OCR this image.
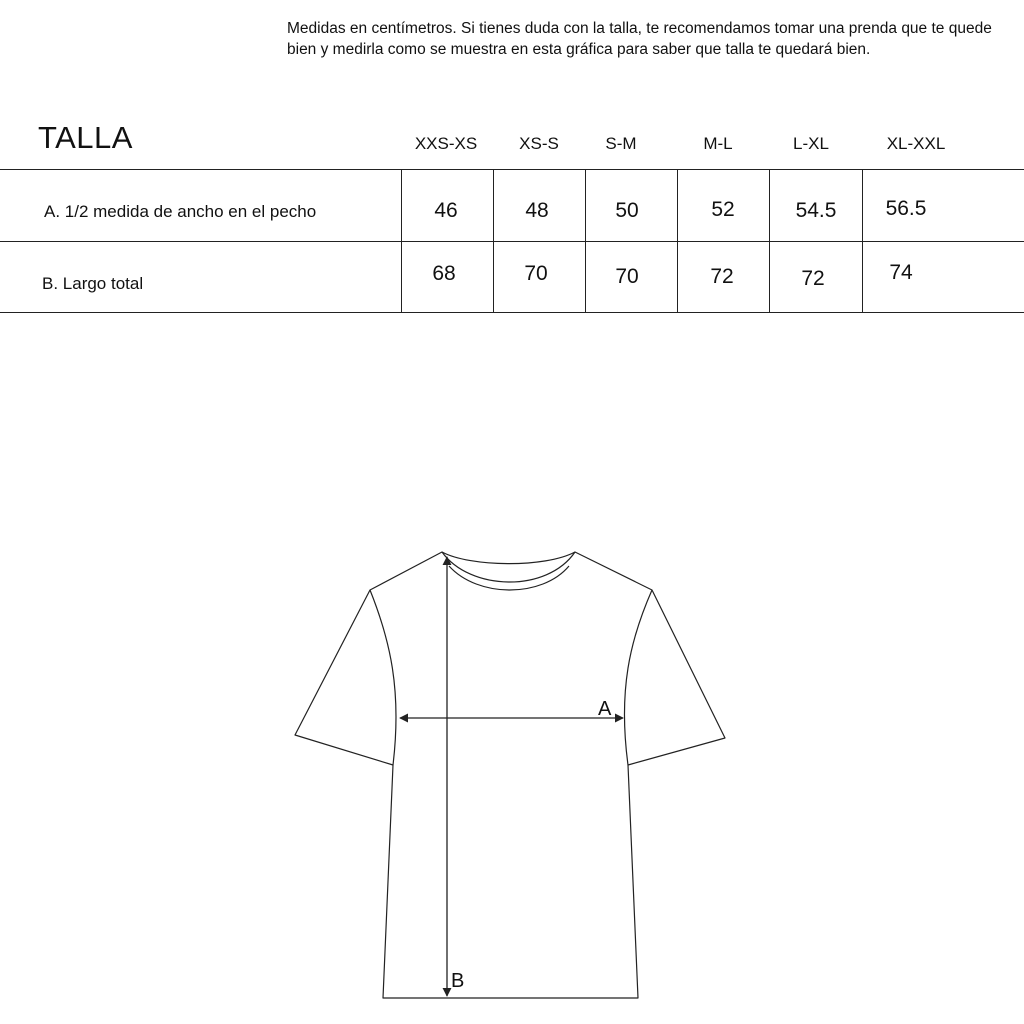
Medidas en centímetros. Si tienes duda con la talla, te recomendamos tomar una prenda que te quede bien y medirla como se muestra en esta gráfica para saber que talla te quedará bien.

TALLA	XXS-XS	XS-S	S-M	M-L	L-XL	XL-XXL
A. 1/2 medida de ancho en el pecho	46	48	50	52	54.5	56.5
B. Largo total	68	70	70	72	72	74
A
B
